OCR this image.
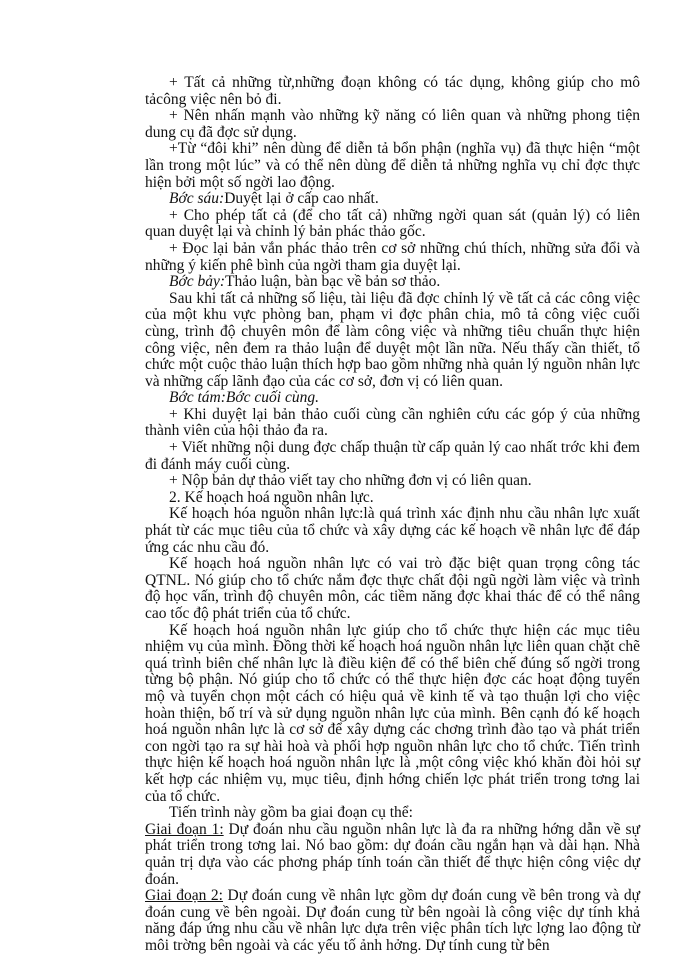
+ Tất cả những từ,những đoạn không có tác dụng, không giúp cho mô tảcông việc nên bỏ đi.

+ Nên nhấn mạnh vào những kỹ năng có liên quan và những phong tiện dung cụ đã đợc sử dụng.

+Từ “đôi khi” nên dùng để diễn tả bổn phận (nghĩa vụ) đã thực hiện “một lần trong một lúc” và có thể nên dùng để diễn tả những nghĩa vụ chỉ đợc thực hiện bởi một số ngời lao động.

Bớc sáu:Duyệt lại ở cấp cao nhất.

+ Cho phép tất cả (để cho tất cả) những ngời quan sát (quản lý) có liên quan duyệt lại và chỉnh lý bản phác thảo gốc.

+ Đọc lại bản vắn phác thảo trên cơ sở những chú thích, những sửa đổi và những ý kiến phê bình của ngời tham gia duyệt lại.

Bớc bảy:Thảo luận, bàn bạc về bản sơ thảo.

Sau khi tất cả những số liệu, tài liệu đã đợc chỉnh lý về tất cả các công việc của một khu vực phòng ban, phạm vi đợc phân chia, mô tả công việc cuối cùng, trình độ chuyên môn để làm công việc và những tiêu chuẩn thực hiện công việc, nên đem ra thảo luận để duyệt một lần nữa. Nếu thấy cần thiết, tổ chức một cuộc thảo luận thích hợp bao gồm những nhà quản lý nguồn nhân lực và những cấp lãnh đạo của các cơ sở, đơn vị có liên quan.

Bớc tám:Bớc cuối cùng.

+ Khi duyệt lại bản thảo cuối cùng cần nghiên cứu các góp ý của những thành viên của hội thảo đa ra.

+ Viết những nội dung đợc chấp thuận từ cấp quản lý cao nhất trớc khi đem đi đánh máy cuối cùng.

+ Nộp bản dự thảo viết tay cho những đơn vị có liên quan.

2. Kế hoạch hoá nguồn nhân lực.

Kế hoạch hóa nguồn nhân lực:là quá trình xác định nhu cầu nhân lực xuất phát từ các mục tiêu của tổ chức và xây dựng các kế hoạch về nhân lực để đáp ứng các nhu cầu đó.

Kế hoạch hoá nguồn nhân lực có vai trò đặc biệt quan trọng công tác QTNL. Nó giúp cho tổ chức nắm đợc thực chất đội ngũ ngời làm việc và trình độ học vấn, trình độ chuyên môn, các tiềm năng đợc khai thác để có thể nâng cao tốc độ phát triển của tổ chức.

Kế hoạch hoá nguồn nhân lực giúp cho tổ chức thực hiện các mục tiêu nhiệm vụ của mình. Đồng thời kế hoạch hoá nguồn nhân lực liên quan chặt chẽ quá trình biên chế nhân lực là điều kiện để có thể biên chế đúng số ngời trong từng bộ phận. Nó giúp cho tổ chức có thể thực hiện đợc các hoạt động tuyển mộ và tuyển chọn một cách có hiệu quả về kinh tế và tạo thuận lợi cho việc hoàn thiện, bố trí và sử dụng nguồn nhân lực của mình. Bên cạnh đó kế hoạch hoá nguồn nhân lực là cơ sở để xây dựng các chơng trình đào tạo và phát triển con ngời tạo ra sự hài hoà và phối hợp nguồn nhân lực cho tổ chức. Tiến trình thực hiện kế hoạch hoá nguồn nhân lực là ,một công việc khó khăn đòi hỏi sự kết hợp các nhiệm vụ, mục tiêu, định hớng chiến lợc phát triển trong tơng lai của tổ chức.

Tiến trình này gồm ba giai đoạn cụ thể:

Giai đoạn 1: Dự đoán nhu cầu nguồn nhân lực là đa ra những hớng dẫn về sự phát triển trong tơng lai. Nó bao gồm: dự đoán cầu ngắn hạn và dài hạn. Nhà quản trị dựa vào các phơng pháp tính toán cần thiết để thực hiện công việc dự đoán.

Giai đoạn 2: Dự đoán cung về nhân lực gồm dự đoán cung về bên trong và dự đoán cung về bên ngoài. Dự đoán cung từ bên ngoài là công việc dự tính khả năng đáp ứng nhu cầu về nhân lực dựa trên việc phân tích lực lợng lao động từ môi trờng bên ngoài và các yếu tố ảnh hởng. Dự tính cung từ bên
